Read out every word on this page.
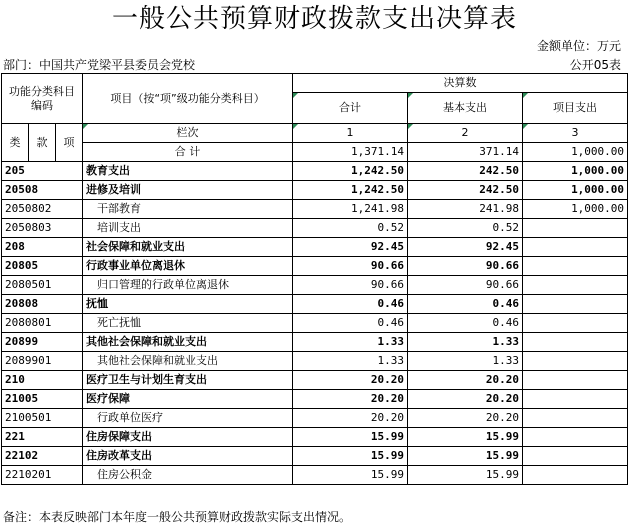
一般公共预算财政拨款支出决算表
金额单位：万元
部门：中国共产党梁平县委员会党校	公开05表
功能分类科目编码			项目（按“项”级功能分类科目）	决算数		
				合计	基本支出	项目支出
类	款	项	栏次	1	2	3
			合 计	1,371.14	371.14	1,000.00
205			教育支出	1,242.50	242.50	1,000.00
20508			进修及培训	1,242.50	242.50	1,000.00
2050802			干部教育	1,241.98	241.98	1,000.00
2050803			培训支出	0.52	0.52	
208			社会保障和就业支出	92.45	92.45	
20805			行政事业单位离退休	90.66	90.66	
2080501			归口管理的行政单位离退休	90.66	90.66	
20808			抚恤	0.46	0.46	
2080801			死亡抚恤	0.46	0.46	
20899			其他社会保障和就业支出	1.33	1.33	
2089901			其他社会保障和就业支出	1.33	1.33	
210			医疗卫生与计划生育支出	20.20	20.20	
21005			医疗保障	20.20	20.20	
2100501			行政单位医疗	20.20	20.20	
221			住房保障支出	15.99	15.99	
22102			住房改革支出	15.99	15.99	
2210201			住房公积金	15.99	15.99	
备注：本表反映部门本年度一般公共预算财政拨款实际支出情况。
